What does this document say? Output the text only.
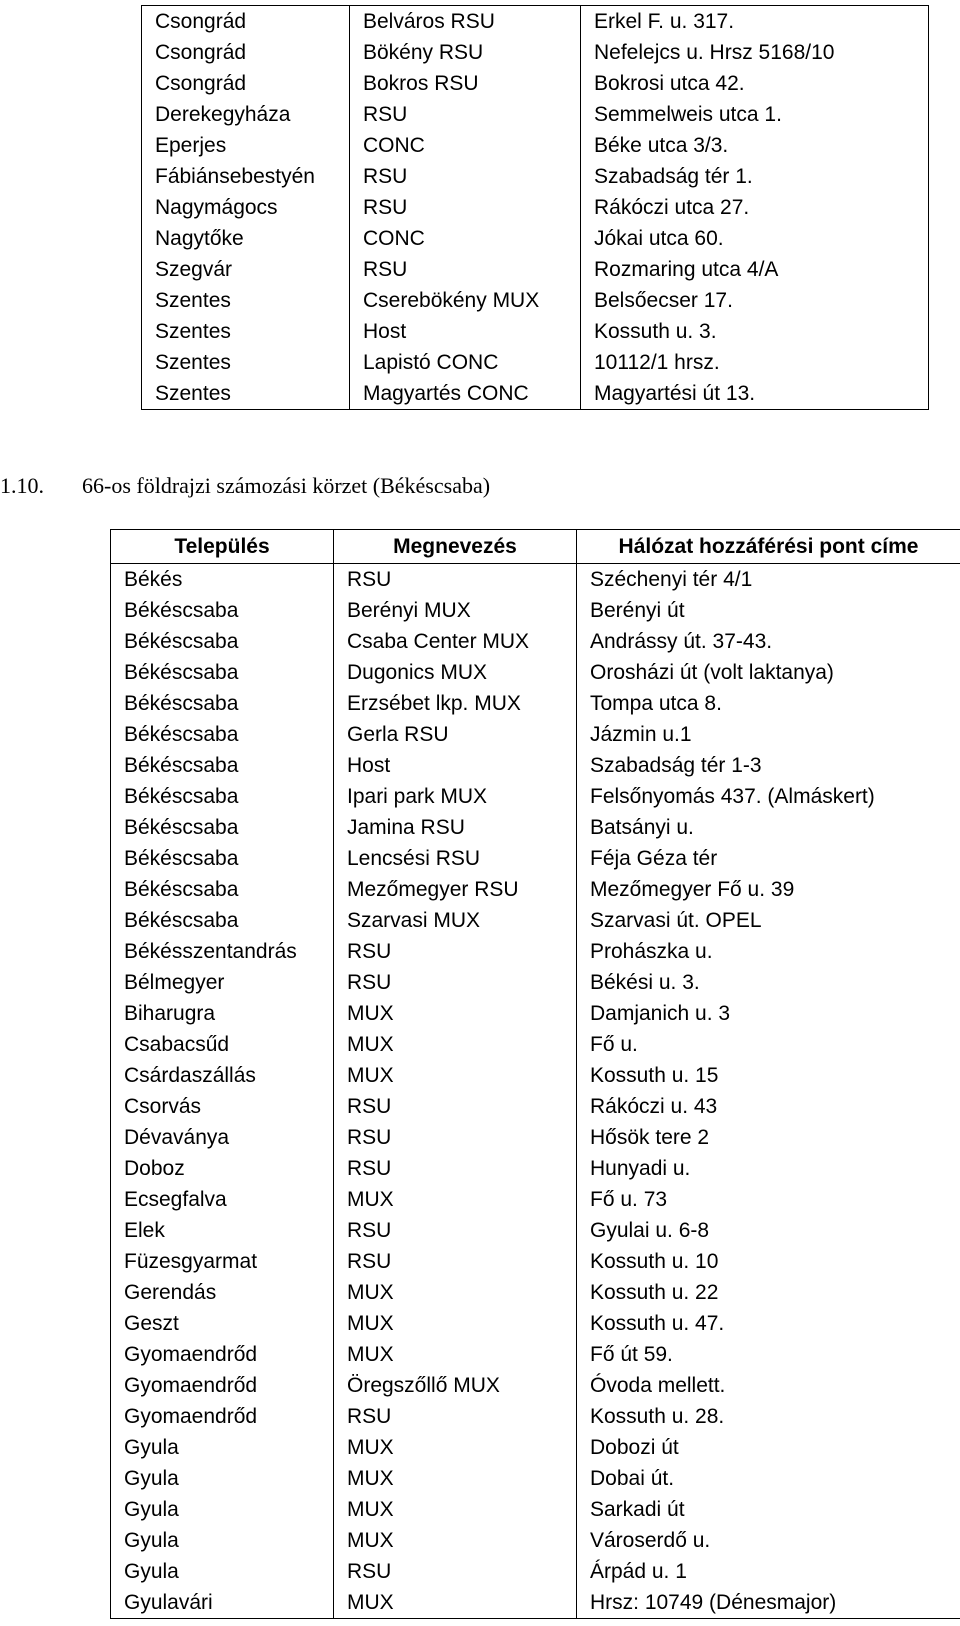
Csongrád	Belváros RSU	Erkel F. u. 317.
Csongrád	Bökény RSU	Nefelejcs u. Hrsz 5168/10
Csongrád	Bokros RSU	Bokrosi utca 42.
Derekegyháza	RSU	Semmelweis utca 1.
Eperjes	CONC	Béke utca 3/3.
Fábiánsebestyén	RSU	Szabadság tér 1.
Nagymágocs	RSU	Rákóczi utca 27.
Nagytőke	CONC	Jókai utca 60.
Szegvár	RSU	Rozmaring utca 4/A
Szentes	Cserebökény MUX	Belsőecser 17.
Szentes	Host	Kossuth u. 3.
Szentes	Lapistó CONC	10112/1 hrsz.
Szentes	Magyartés CONC	Magyartési út 13.
1.10. 66-os földrajzi számozási körzet (Békéscsaba)
Település	Megnevezés	Hálózat hozzáférési pont címe
Békés	RSU	Széchenyi tér 4/1
Békéscsaba	Berényi MUX	Berényi út
Békéscsaba	Csaba Center MUX	Andrássy út. 37-43.
Békéscsaba	Dugonics MUX	Orosházi út (volt laktanya)
Békéscsaba	Erzsébet lkp. MUX	Tompa utca 8.
Békéscsaba	Gerla RSU	Jázmin u.1
Békéscsaba	Host	Szabadság tér 1-3
Békéscsaba	Ipari park MUX	Felsőnyomás 437. (Almáskert)
Békéscsaba	Jamina RSU	Batsányi u.
Békéscsaba	Lencsési RSU	Féja Géza tér
Békéscsaba	Mezőmegyer RSU	Mezőmegyer Fő u. 39
Békéscsaba	Szarvasi MUX	Szarvasi út. OPEL
Békésszentandrás	RSU	Prohászka u.
Bélmegyer	RSU	Békési u. 3.
Biharugra	MUX	Damjanich u. 3
Csabacsűd	MUX	Fő u.
Csárdaszállás	MUX	Kossuth u. 15
Csorvás	RSU	Rákóczi u. 43
Dévaványa	RSU	Hősök tere 2
Doboz	RSU	Hunyadi u.
Ecsegfalva	MUX	Fő u. 73
Elek	RSU	Gyulai u. 6-8
Füzesgyarmat	RSU	Kossuth u. 10
Gerendás	MUX	Kossuth u. 22
Geszt	MUX	Kossuth u. 47.
Gyomaendrőd	MUX	Fő út 59.
Gyomaendrőd	Öregszőllő MUX	Óvoda mellett.
Gyomaendrőd	RSU	Kossuth u. 28.
Gyula	MUX	Dobozi út
Gyula	MUX	Dobai út.
Gyula	MUX	Sarkadi út
Gyula	MUX	Városerdő u.
Gyula	RSU	Árpád u. 1
Gyulavári	MUX	Hrsz: 10749 (Dénesmajor)
